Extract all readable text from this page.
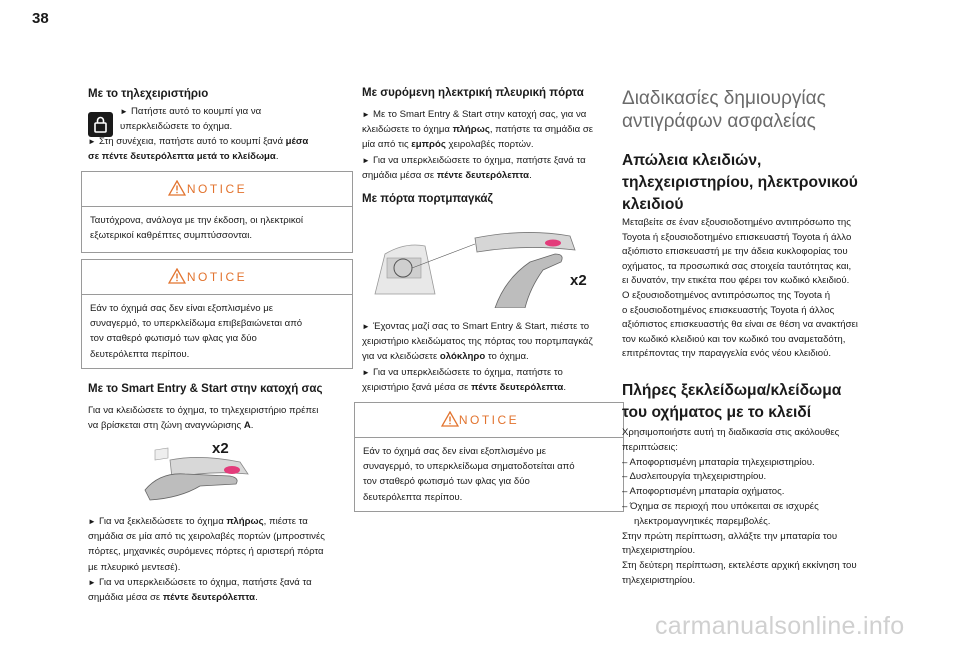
38
Με το τηλεχειριστήριο
► Πατήστε αυτό το κουμπί για να
υπερκλειδώσετε το όχημα.
► Στη συνέχεια, πατήστε αυτό το κουμπί ξανά μέσα
σε πέντε δευτερόλεπτα μετά το κλείδωμα.
NOTICE
Ταυτόχρονα, ανάλογα με την έκδοση, οι ηλεκτρικοί
εξωτερικοί καθρέπτες συμπτύσσονται.
NOTICE
Εάν το όχημά σας δεν είναι εξοπλισμένο με
συναγερμό, το υπερκλείδωμα επιβεβαιώνεται από
τον σταθερό φωτισμό των φλας για δύο
δευτερόλεπτα περίπου.
Με το Smart Entry & Start στην κατοχή σας
Για να κλειδώσετε το όχημα, το τηλεχειριστήριο πρέπει
να βρίσκεται στη ζώνη αναγνώρισης A.
x2
► Για να ξεκλειδώσετε το όχημα πλήρως, πιέστε τα
σημάδια σε μία από τις χειρολαβές πορτών (μπροστινές
πόρτες, μηχανικές συρόμενες πόρτες ή αριστερή πόρτα
με πλευρικό μεντεσέ).
► Για να υπερκλειδώσετε το όχημα, πατήστε ξανά τα
σημάδια μέσα σε πέντε δευτερόλεπτα.
Με συρόμενη ηλεκτρική πλευρική πόρτα
► Με το Smart Entry & Start στην κατοχή σας, για να
κλειδώσετε το όχημα πλήρως, πατήστε τα σημάδια σε
μία από τις εμπρός χειρολαβές πορτών.
► Για να υπερκλειδώσετε το όχημα, πατήστε ξανά τα
σημάδια μέσα σε πέντε δευτερόλεπτα.
Με πόρτα πορτμπαγκάζ
x2
► Έχοντας μαζί σας το Smart Entry & Start, πιέστε το
χειριστήριο κλειδώματος της πόρτας του πορτμπαγκάζ
για να κλειδώσετε ολόκληρο το όχημα.
► Για να υπερκλειδώσετε το όχημα, πατήστε το
χειριστήριο ξανά μέσα σε πέντε δευτερόλεπτα.
NOTICE
Εάν το όχημά σας δεν είναι εξοπλισμένο με
συναγερμό, το υπερκλείδωμα σηματοδοτείται από
τον σταθερό φωτισμό των φλας για δύο
δευτερόλεπτα περίπου.
Διαδικασίες δημιουργίας
αντιγράφων ασφαλείας
Απώλεια κλειδιών,
τηλεχειριστηρίου, ηλεκτρονικού
κλειδιού
Μεταβείτε σε έναν εξουσιοδοτημένο αντιπρόσωπο της
Toyota ή εξουσιοδοτημένο επισκευαστή Toyota ή άλλο
αξιόπιστο επισκευαστή με την άδεια κυκλοφορίας του
οχήματος, τα προσωπικά σας στοιχεία ταυτότητας και,
ει δυνατόν, την ετικέτα που φέρει τον κωδικό κλειδιού.
Ο εξουσιοδοτημένος αντιπρόσωπος της Toyota ή
ο εξουσιοδοτημένος επισκευαστής Toyota ή άλλος
αξιόπιστος επισκευαστής θα είναι σε θέση να ανακτήσει
τον κωδικό κλειδιού και τον κωδικό του αναμεταδότη,
επιτρέποντας την παραγγελία ενός νέου κλειδιού.
Πλήρες ξεκλείδωμα/κλείδωμα
του οχήματος με το κλειδί
Χρησιμοποιήστε αυτή τη διαδικασία στις ακόλουθες
περιπτώσεις:
– Αποφορτισμένη μπαταρία τηλεχειριστηρίου.
– Δυσλειτουργία τηλεχειριστηρίου.
– Αποφορτισμένη μπαταρία οχήματος.
– Όχημα σε περιοχή που υπόκειται σε ισχυρές
ηλεκτρομαγνητικές παρεμβολές.
Στην πρώτη περίπτωση, αλλάξτε την μπαταρία του
τηλεχειριστηρίου.
Στη δεύτερη περίπτωση, εκτελέστε αρχική εκκίνηση του
τηλεχειριστηρίου.
carmanualsonline.info
